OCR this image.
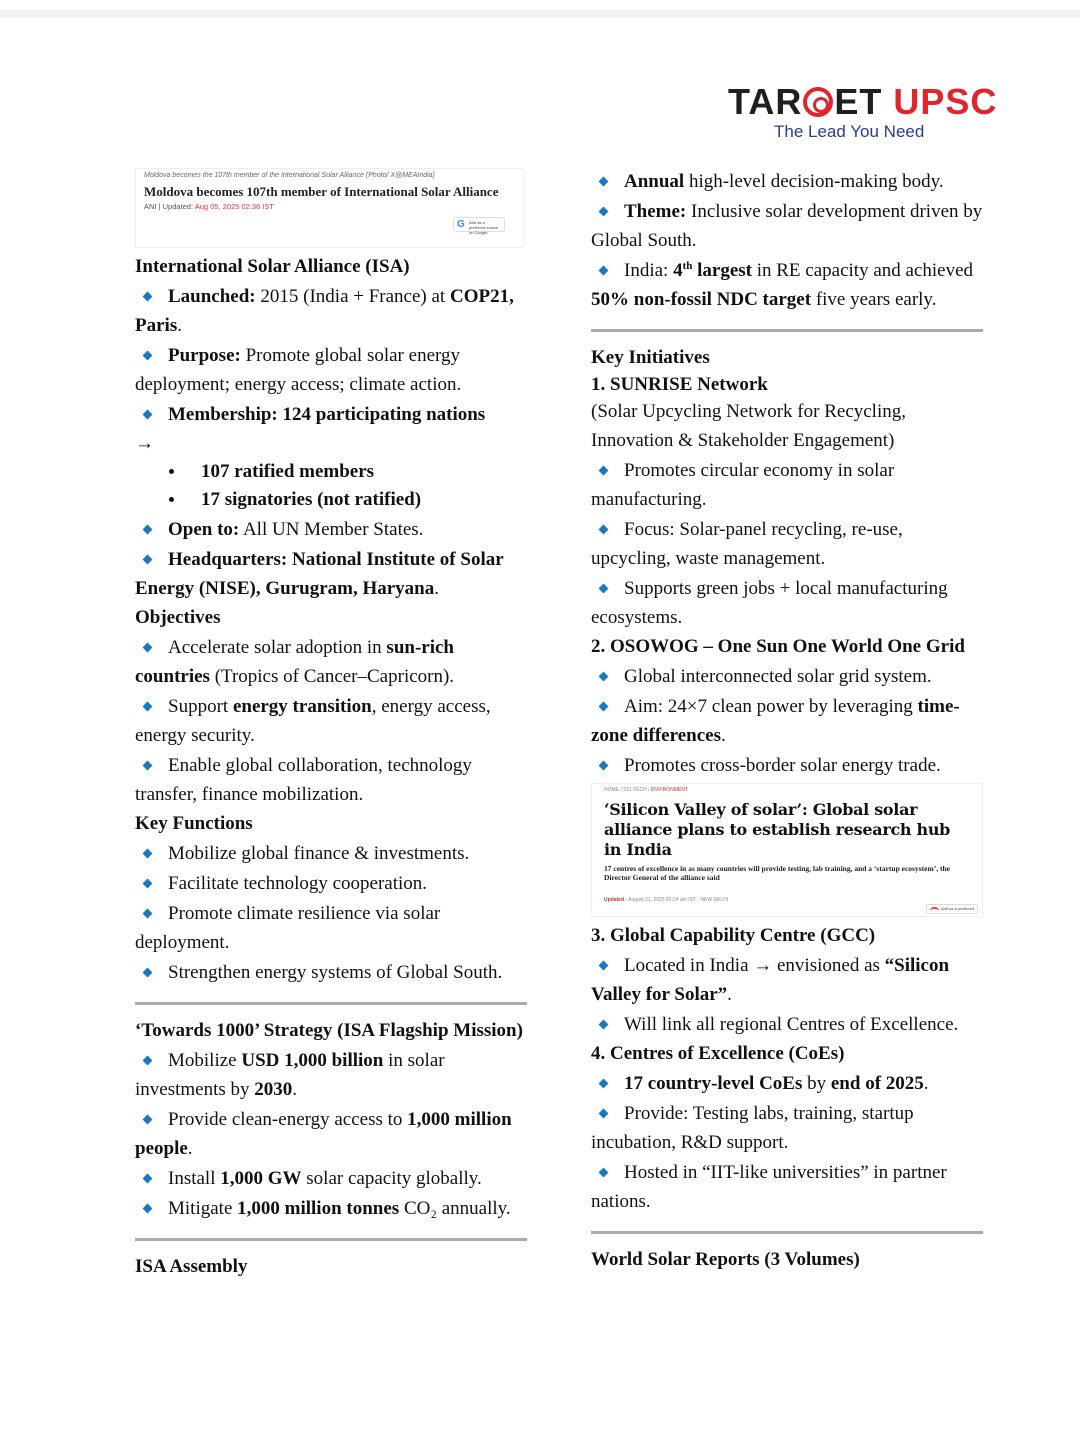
TAR ET UPSC
The Lead You Need
Moldova becomes the 107th member of the International Solar Alliance (Photo/ X@MEAIndia)
Moldova becomes 107th member of International Solar Alliance
ANI | Updated: Aug 05, 2025 02:36 IST
G Add as a preferred source on Google
International Solar Alliance (ISA)
Launched: 2015 (India + France) at COP21, Paris.
Purpose: Promote global solar energy deployment; energy access; climate action.
Membership: 124 participating nations
→
107 ratified members
17 signatories (not ratified)
Open to: All UN Member States.
Headquarters: National Institute of Solar Energy (NISE), Gurugram, Haryana.
Objectives
Accelerate solar adoption in sun-rich countries (Tropics of Cancer–Capricorn).
Support energy transition, energy access, energy security.
Enable global collaboration, technology transfer, finance mobilization.
Key Functions
Mobilize global finance & investments.
Facilitate technology cooperation.
Promote climate resilience via solar deployment.
Strengthen energy systems of Global South.
‘Towards 1000’ Strategy (ISA Flagship Mission)
Mobilize USD 1,000 billion in solar investments by 2030.
Provide clean-energy access to 1,000 million people.
Install 1,000 GW solar capacity globally.
Mitigate 1,000 million tonnes CO₂ annually.
ISA Assembly
Annual high-level decision-making body.
Theme: Inclusive solar development driven by Global South.
India: 4th largest in RE capacity and achieved 50% non-fossil NDC target five years early.
Key Initiatives
1. SUNRISE Network
(Solar Upcycling Network for Recycling, Innovation & Stakeholder Engagement)
Promotes circular economy in solar manufacturing.
Focus: Solar-panel recycling, re-use, upcycling, waste management.
Supports green jobs + local manufacturing ecosystems.
2. OSOWOG – One Sun One World One Grid
Global interconnected solar grid system.
Aim: 24×7 clean power by leveraging time-zone differences.
Promotes cross-border solar energy trade.
HOME / SCI-TECH / ENVIRONMENT
‘Silicon Valley of solar’: Global solar alliance plans to establish research hub in India
17 centres of excellence in as many countries will provide testing, lab training, and a ‘startup ecosystem’, the Director General of the alliance said
Updated - August 21, 2025 02:24 am IST - NEW DELHI
Add as a preferred
3. Global Capability Centre (GCC)
Located in India → envisioned as “Silicon Valley for Solar”.
Will link all regional Centres of Excellence.
4. Centres of Excellence (CoEs)
17 country-level CoEs by end of 2025.
Provide: Testing labs, training, startup incubation, R&D support.
Hosted in “IIT-like universities” in partner nations.
World Solar Reports (3 Volumes)
